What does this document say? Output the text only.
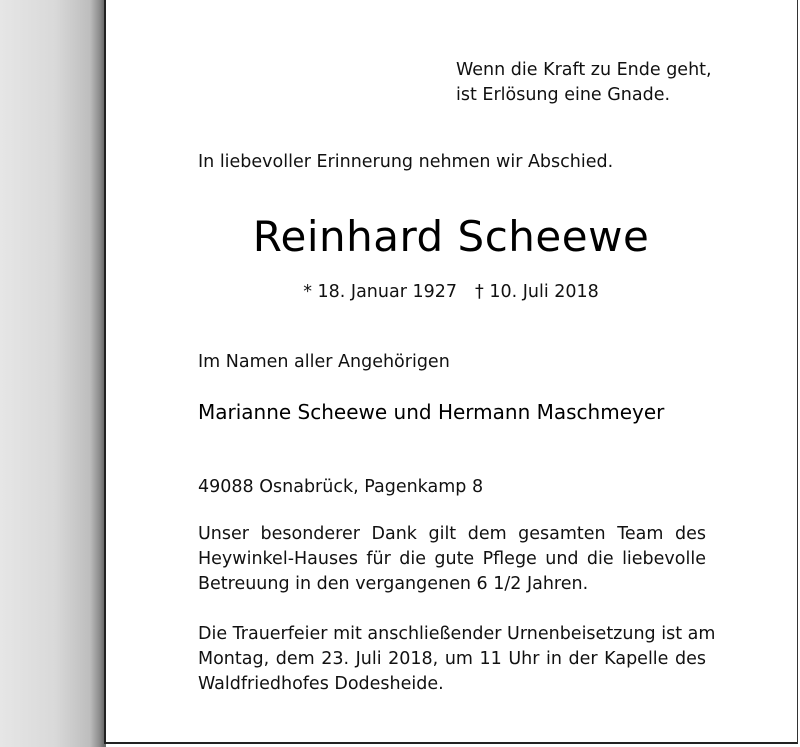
Wenn die Kraft zu Ende geht,
ist Erlösung eine Gnade.

In liebevoller Erinnerung nehmen wir Abschied.

Reinhard Scheewe
* 18. Januar 1927 † 10. Juli 2018

Im Namen aller Angehörigen

Marianne Scheewe und Hermann Maschmeyer

49088 Osnabrück, Pagenkamp 8

Unser besonderer Dank gilt dem gesamten Team des
Heywinkel-Hauses für die gute Pflege und die liebevolle
Betreuung in den vergangenen 6 1/2 Jahren.
Die Trauerfeier mit anschließender Urnenbeisetzung ist am
Montag, dem 23. Juli 2018, um 11 Uhr in der Kapelle des
Waldfriedhofes Dodesheide.
